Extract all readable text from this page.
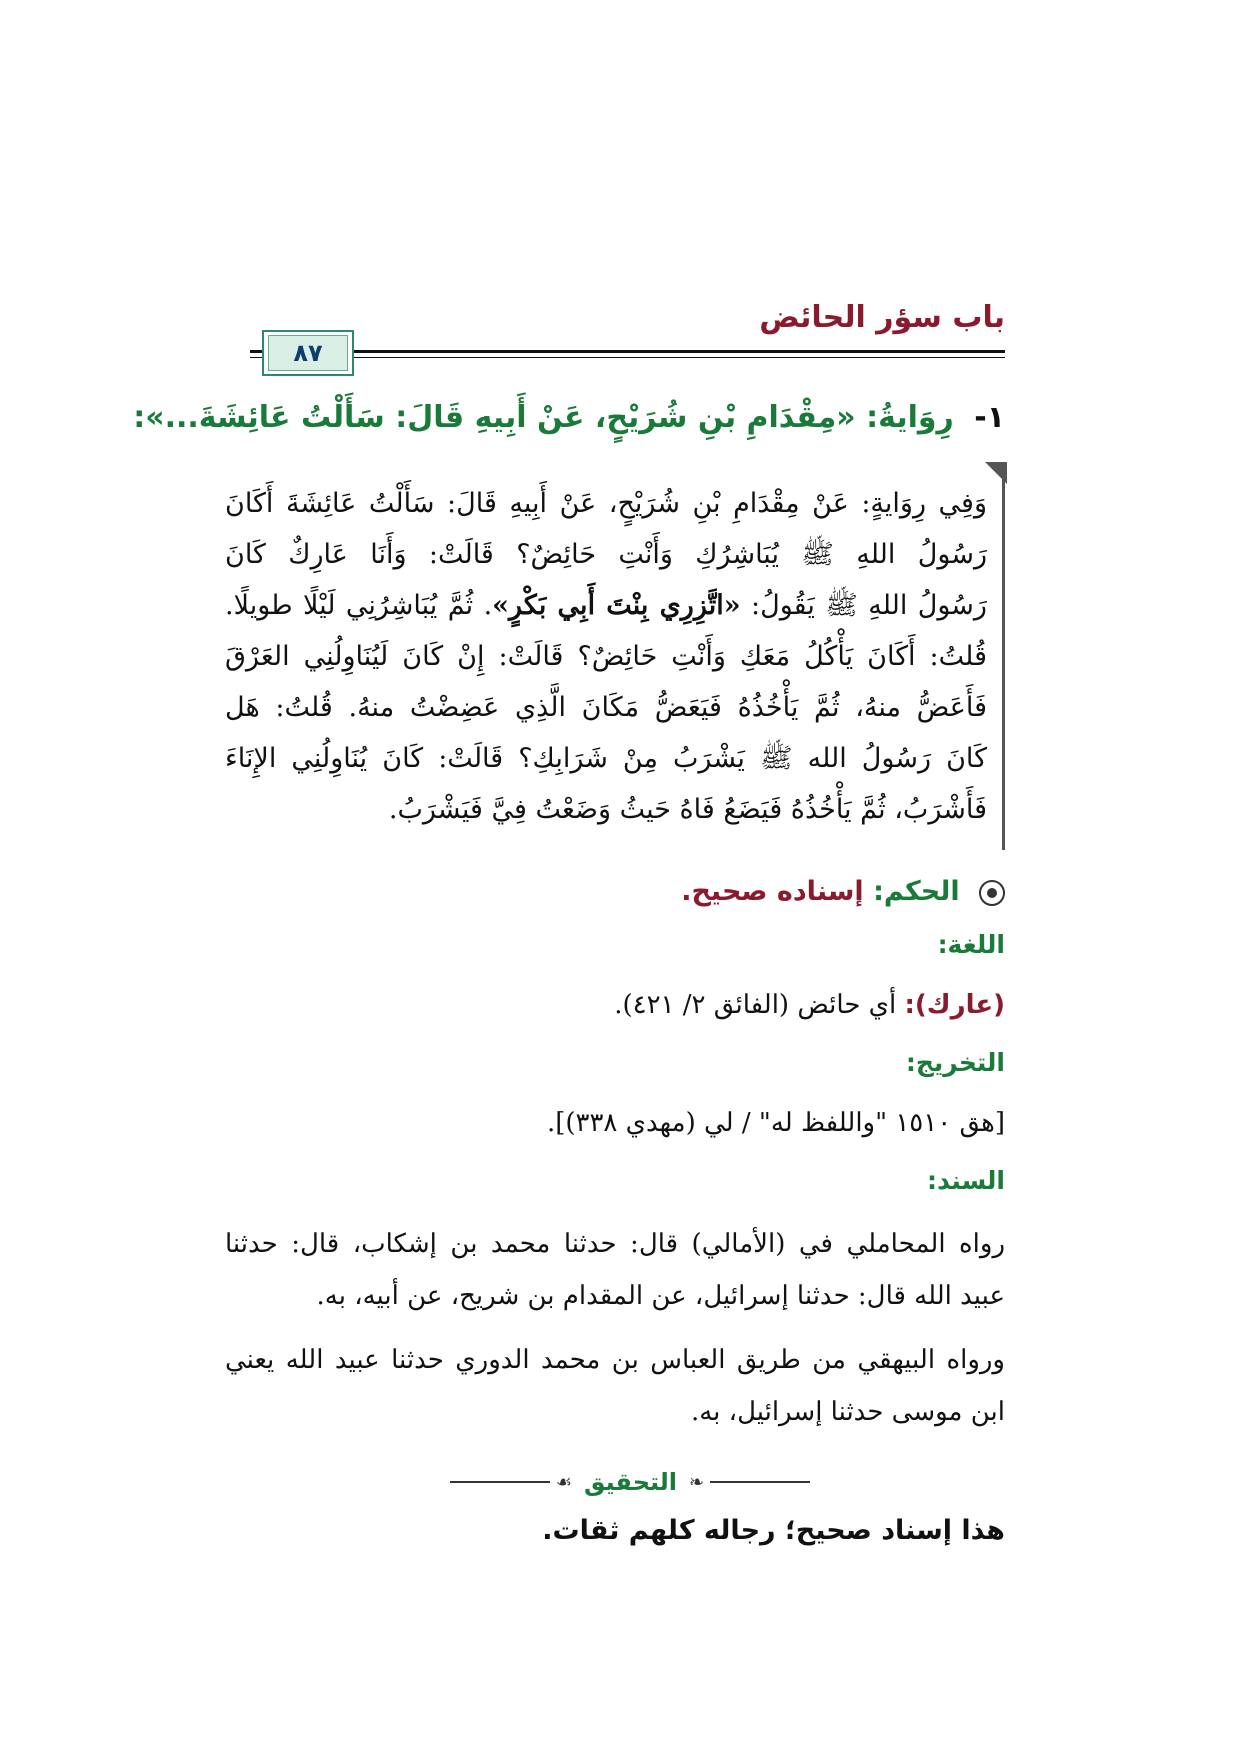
باب سؤر الحائض
٨٧
١- رِوَايةُ: «مِقْدَامِ بْنِ شُرَيْحٍ، عَنْ أَبِيهِ قَالَ: سَأَلْتُ عَائِشَةَ...»:
وَفِي رِوَايةٍ: عَنْ مِقْدَامِ بْنِ شُرَيْحٍ، عَنْ أَبِيهِ قَالَ: سَأَلْتُ عَائِشَةَ أَكَانَ
رَسُولُ اللهِ ﷺ يُبَاشِرُكِ وَأَنْتِ حَائِضٌ؟ قَالَتْ: وَأَنَا عَارِكٌ كَانَ
رَسُولُ اللهِ ﷺ يَقُولُ: «اتَّزِرِي بِنْتَ أَبِي بَكْرٍ». ثُمَّ يُبَاشِرُنِي لَيْلًا طويلًا.
قُلتُ: أَكَانَ يَأْكُلُ مَعَكِ وَأَنْتِ حَائِضٌ؟ قَالَتْ: إِنْ كَانَ لَيُنَاوِلُنِي العَرْقَ
فَأَعَضُّ منهُ، ثُمَّ يَأْخُذُهُ فَيَعَضُّ مَكَانَ الَّذِي عَضِضْتُ منهُ. قُلتُ: هَل
كَانَ رَسُولُ الله ﷺ يَشْرَبُ مِنْ شَرَابِكِ؟ قَالَتْ: كَانَ يُنَاوِلُنِي الإِنَاءَ
فَأَشْرَبُ، ثُمَّ يَأْخُذُهُ فَيَضَعُ فَاهُ حَيثُ وَضَعْتُ فِيَّ فَيَشْرَبُ.
الحكم: إسناده صحيح.
اللغة:
(عارك): أي حائض (الفائق ٢/ ٤٢١).
التخريج:
[هق ١٥١٠ "واللفظ له" / لي (مهدي ٣٣٨)].
السند:
رواه المحاملي في (الأمالي) قال: حدثنا محمد بن إشكاب، قال: حدثنا عبيد الله قال: حدثنا إسرائيل، عن المقدام بن شريح، عن أبيه، به.
ورواه البيهقي من طريق العباس بن محمد الدوري حدثنا عبيد الله يعني ابن موسى حدثنا إسرائيل، به.
❧
التحقيق
☙
هذا إسناد صحيح؛ رجاله كلهم ثقات.
